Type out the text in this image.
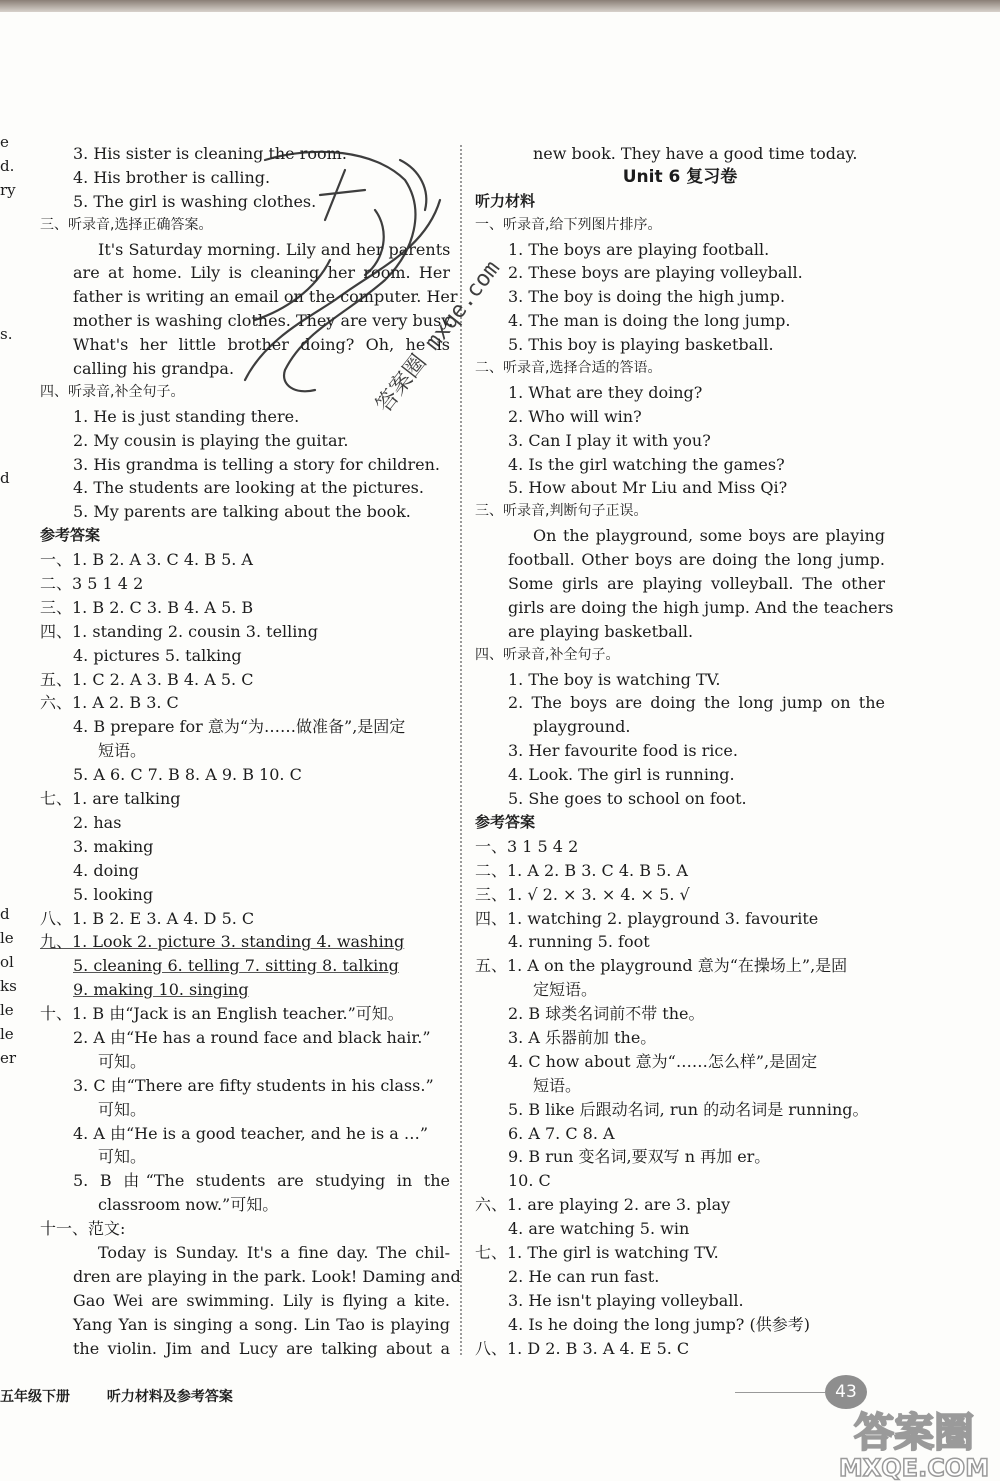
e
d.
ry
s.
d
d
le
ol
ks
le
le
er
3. His sister is cleaning the room.
4. His brother is calling.
5. The girl is washing clothes.
三、听录音,选择正确答案。
It's Saturday morning. Lily and her parents
are at home. Lily is cleaning her room. Her
father is writing an email on the computer. Her
mother is washing clothes. They are very busy.
What's her little brother doing? Oh, he is
calling his grandpa.
四、听录音,补全句子。
1. He is just standing there.
2. My cousin is playing the guitar.
3. His grandma is telling a story for children.
4. The students are looking at the pictures.
5. My parents are talking about the book.
参考答案
一、1. B 2. A 3. C 4. B 5. A
二、3 5 1 4 2
三、1. B 2. C 3. B 4. A 5. B
四、1. standing 2. cousin 3. telling
4. pictures 5. talking
五、1. C 2. A 3. B 4. A 5. C
六、1. A 2. B 3. C
4. B prepare for 意为“为……做准备”,是固定
短语。
5. A 6. C 7. B 8. A 9. B 10. C
七、1. are talking
2. has
3. making
4. doing
5. looking
八、1. B 2. E 3. A 4. D 5. C
九、1. Look 2. picture 3. standing 4. washing
5. cleaning 6. telling 7. sitting 8. talking
9. making 10. singing
十、1. B 由“Jack is an English teacher.”可知。
2. A 由“He has a round face and black hair.”
可知。
3. C 由“There are fifty students in his class.”
可知。
4. A 由“He is a good teacher, and he is a …”
可知。
5. B 由“The students are studying in the
classroom now.”可知。
十一、范文:
Today is Sunday. It's a fine day. The chil-
dren are playing in the park. Look! Daming and
Gao Wei are swimming. Lily is flying a kite.
Yang Yan is singing a song. Lin Tao is playing
the violin. Jim and Lucy are talking about a
new book. They have a good time today.
Unit 6 复习卷
听力材料
一、听录音,给下列图片排序。
1. The boys are playing football.
2. These boys are playing volleyball.
3. The boy is doing the high jump.
4. The man is doing the long jump.
5. This boy is playing basketball.
二、听录音,选择合适的答语。
1. What are they doing?
2. Who will win?
3. Can I play it with you?
4. Is the girl watching the games?
5. How about Mr Liu and Miss Qi?
三、听录音,判断句子正误。
On the playground, some boys are playing
football. Other boys are doing the long jump.
Some girls are playing volleyball. The other
girls are doing the high jump. And the teachers
are playing basketball.
四、听录音,补全句子。
1. The boy is watching TV.
2. The boys are doing the long jump on the
playground.
3. Her favourite food is rice.
4. Look. The girl is running.
5. She goes to school on foot.
参考答案
一、3 1 5 4 2
二、1. A 2. B 3. C 4. B 5. A
三、1. √ 2. × 3. × 4. × 5. √
四、1. watching 2. playground 3. favourite
4. running 5. foot
五、1. A on the playground 意为“在操场上”,是固
定短语。
2. B 球类名词前不带 the。
3. A 乐器前加 the。
4. C how about 意为“……怎么样”,是固定
短语。
5. B like 后跟动名词, run 的动名词是 running。
6. A 7. C 8. A
9. B run 变名词,要双写 n 再加 er。
10. C
六、1. are playing 2. are 3. play
4. are watching 5. win
七、1. The girl is watching TV.
2. He can run fast.
3. He isn't playing volleyball.
4. Is he doing the long jump? (供参考)
八、1. D 2. B 3. A 4. E 5. C
答案圈 mxqe.com
五年级下册	听力材料及参考答案	43
答案圈
MXQE.COM
